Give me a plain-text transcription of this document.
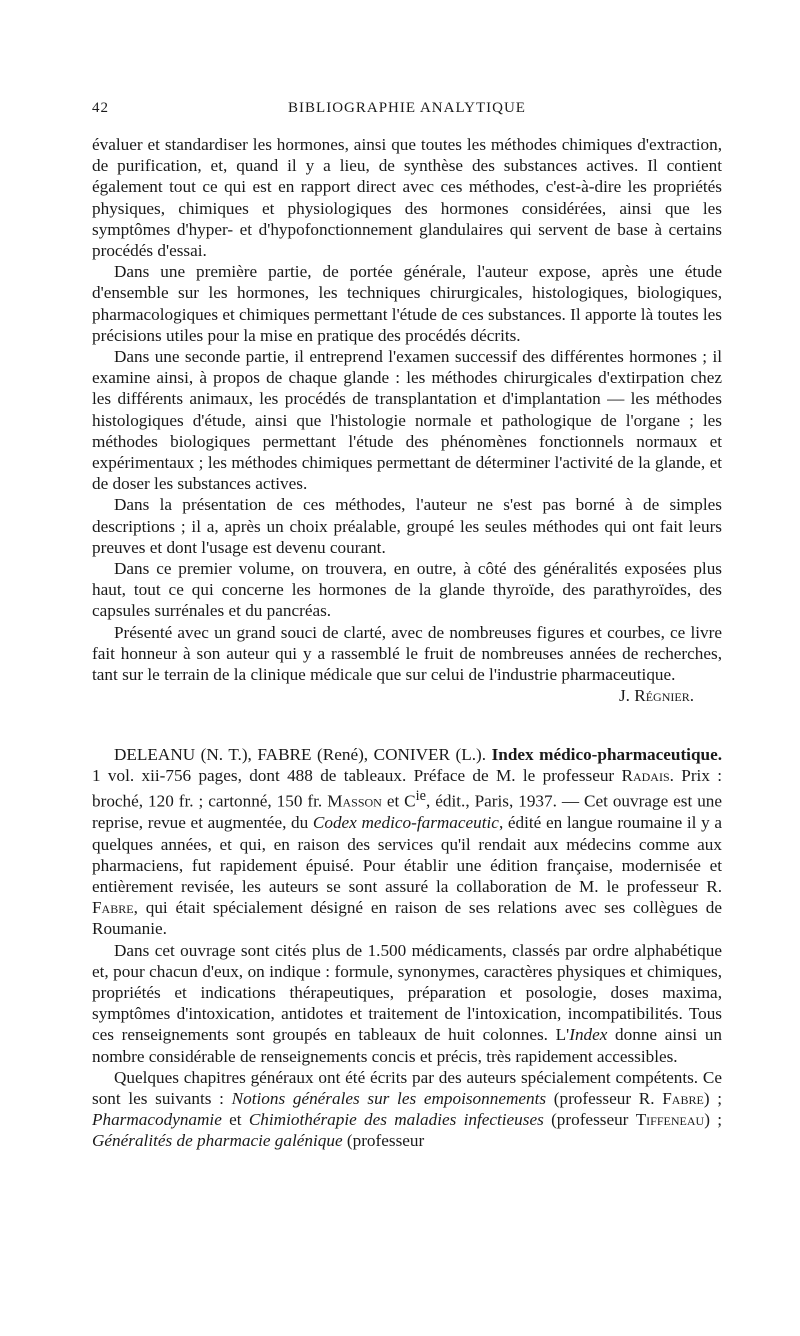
42	BIBLIOGRAPHIE ANALYTIQUE

évaluer et standardiser les hormones, ainsi que toutes les méthodes chimiques d'extraction, de purification, et, quand il y a lieu, de synthèse des substances actives. Il contient également tout ce qui est en rapport direct avec ces méthodes, c'est-à-dire les propriétés physiques, chimiques et physiologiques des hormones considérées, ainsi que les symptômes d'hyper- et d'hypofonctionnement glandulaires qui servent de base à certains procédés d'essai.

Dans une première partie, de portée générale, l'auteur expose, après une étude d'ensemble sur les hormones, les techniques chirurgicales, histologiques, biologiques, pharmacologiques et chimiques permettant l'étude de ces substances. Il apporte là toutes les précisions utiles pour la mise en pratique des procédés décrits.

Dans une seconde partie, il entreprend l'examen successif des différentes hormones ; il examine ainsi, à propos de chaque glande : les méthodes chirurgicales d'extirpation chez les différents animaux, les procédés de transplantation et d'implantation — les méthodes histologiques d'étude, ainsi que l'histologie normale et pathologique de l'organe ; les méthodes biologiques permettant l'étude des phénomènes fonctionnels normaux et expérimentaux ; les méthodes chimiques permettant de déterminer l'activité de la glande, et de doser les substances actives.

Dans la présentation de ces méthodes, l'auteur ne s'est pas borné à de simples descriptions ; il a, après un choix préalable, groupé les seules méthodes qui ont fait leurs preuves et dont l'usage est devenu courant.

Dans ce premier volume, on trouvera, en outre, à côté des généralités exposées plus haut, tout ce qui concerne les hormones de la glande thyroïde, des parathyroïdes, des capsules surrénales et du pancréas.

Présenté avec un grand souci de clarté, avec de nombreuses figures et courbes, ce livre fait honneur à son auteur qui y a rassemblé le fruit de nombreuses années de recherches, tant sur le terrain de la clinique médicale que sur celui de l'industrie pharmaceutique.
J. Régnier.

DELEANU (N. T.), FABRE (René), CONIVER (L.). Index médico-pharmaceutique. 1 vol. xii-756 pages, dont 488 de tableaux. Préface de M. le professeur Radais. Prix : broché, 120 fr. ; cartonné, 150 fr. Masson et $C^{ie}$, édit., Paris, 1937. — Cet ouvrage est une reprise, revue et augmentée, du Codex medico-farmaceutic, édité en langue roumaine il y a quelques années, et qui, en raison des services qu'il rendait aux médecins comme aux pharmaciens, fut rapidement épuisé. Pour établir une édition française, modernisée et entièrement revisée, les auteurs se sont assuré la collaboration de M. le professeur R. Fabre, qui était spécialement désigné en raison de ses relations avec ses collègues de Roumanie.

Dans cet ouvrage sont cités plus de 1.500 médicaments, classés par ordre alphabétique et, pour chacun d'eux, on indique : formule, synonymes, caractères physiques et chimiques, propriétés et indications thérapeutiques, préparation et posologie, doses maxima, symptômes d'intoxication, antidotes et traitement de l'intoxication, incompatibilités. Tous ces renseignements sont groupés en tableaux de huit colonnes. L'Index donne ainsi un nombre considérable de renseignements concis et précis, très rapidement accessibles.

Quelques chapitres généraux ont été écrits par des auteurs spécialement compétents. Ce sont les suivants : Notions générales sur les empoisonnements (professeur R. Fabre) ; Pharmacodynamie et Chimiothérapie des maladies infectieuses (professeur Tiffeneau) ; Généralités de pharmacie galénique (professeur
